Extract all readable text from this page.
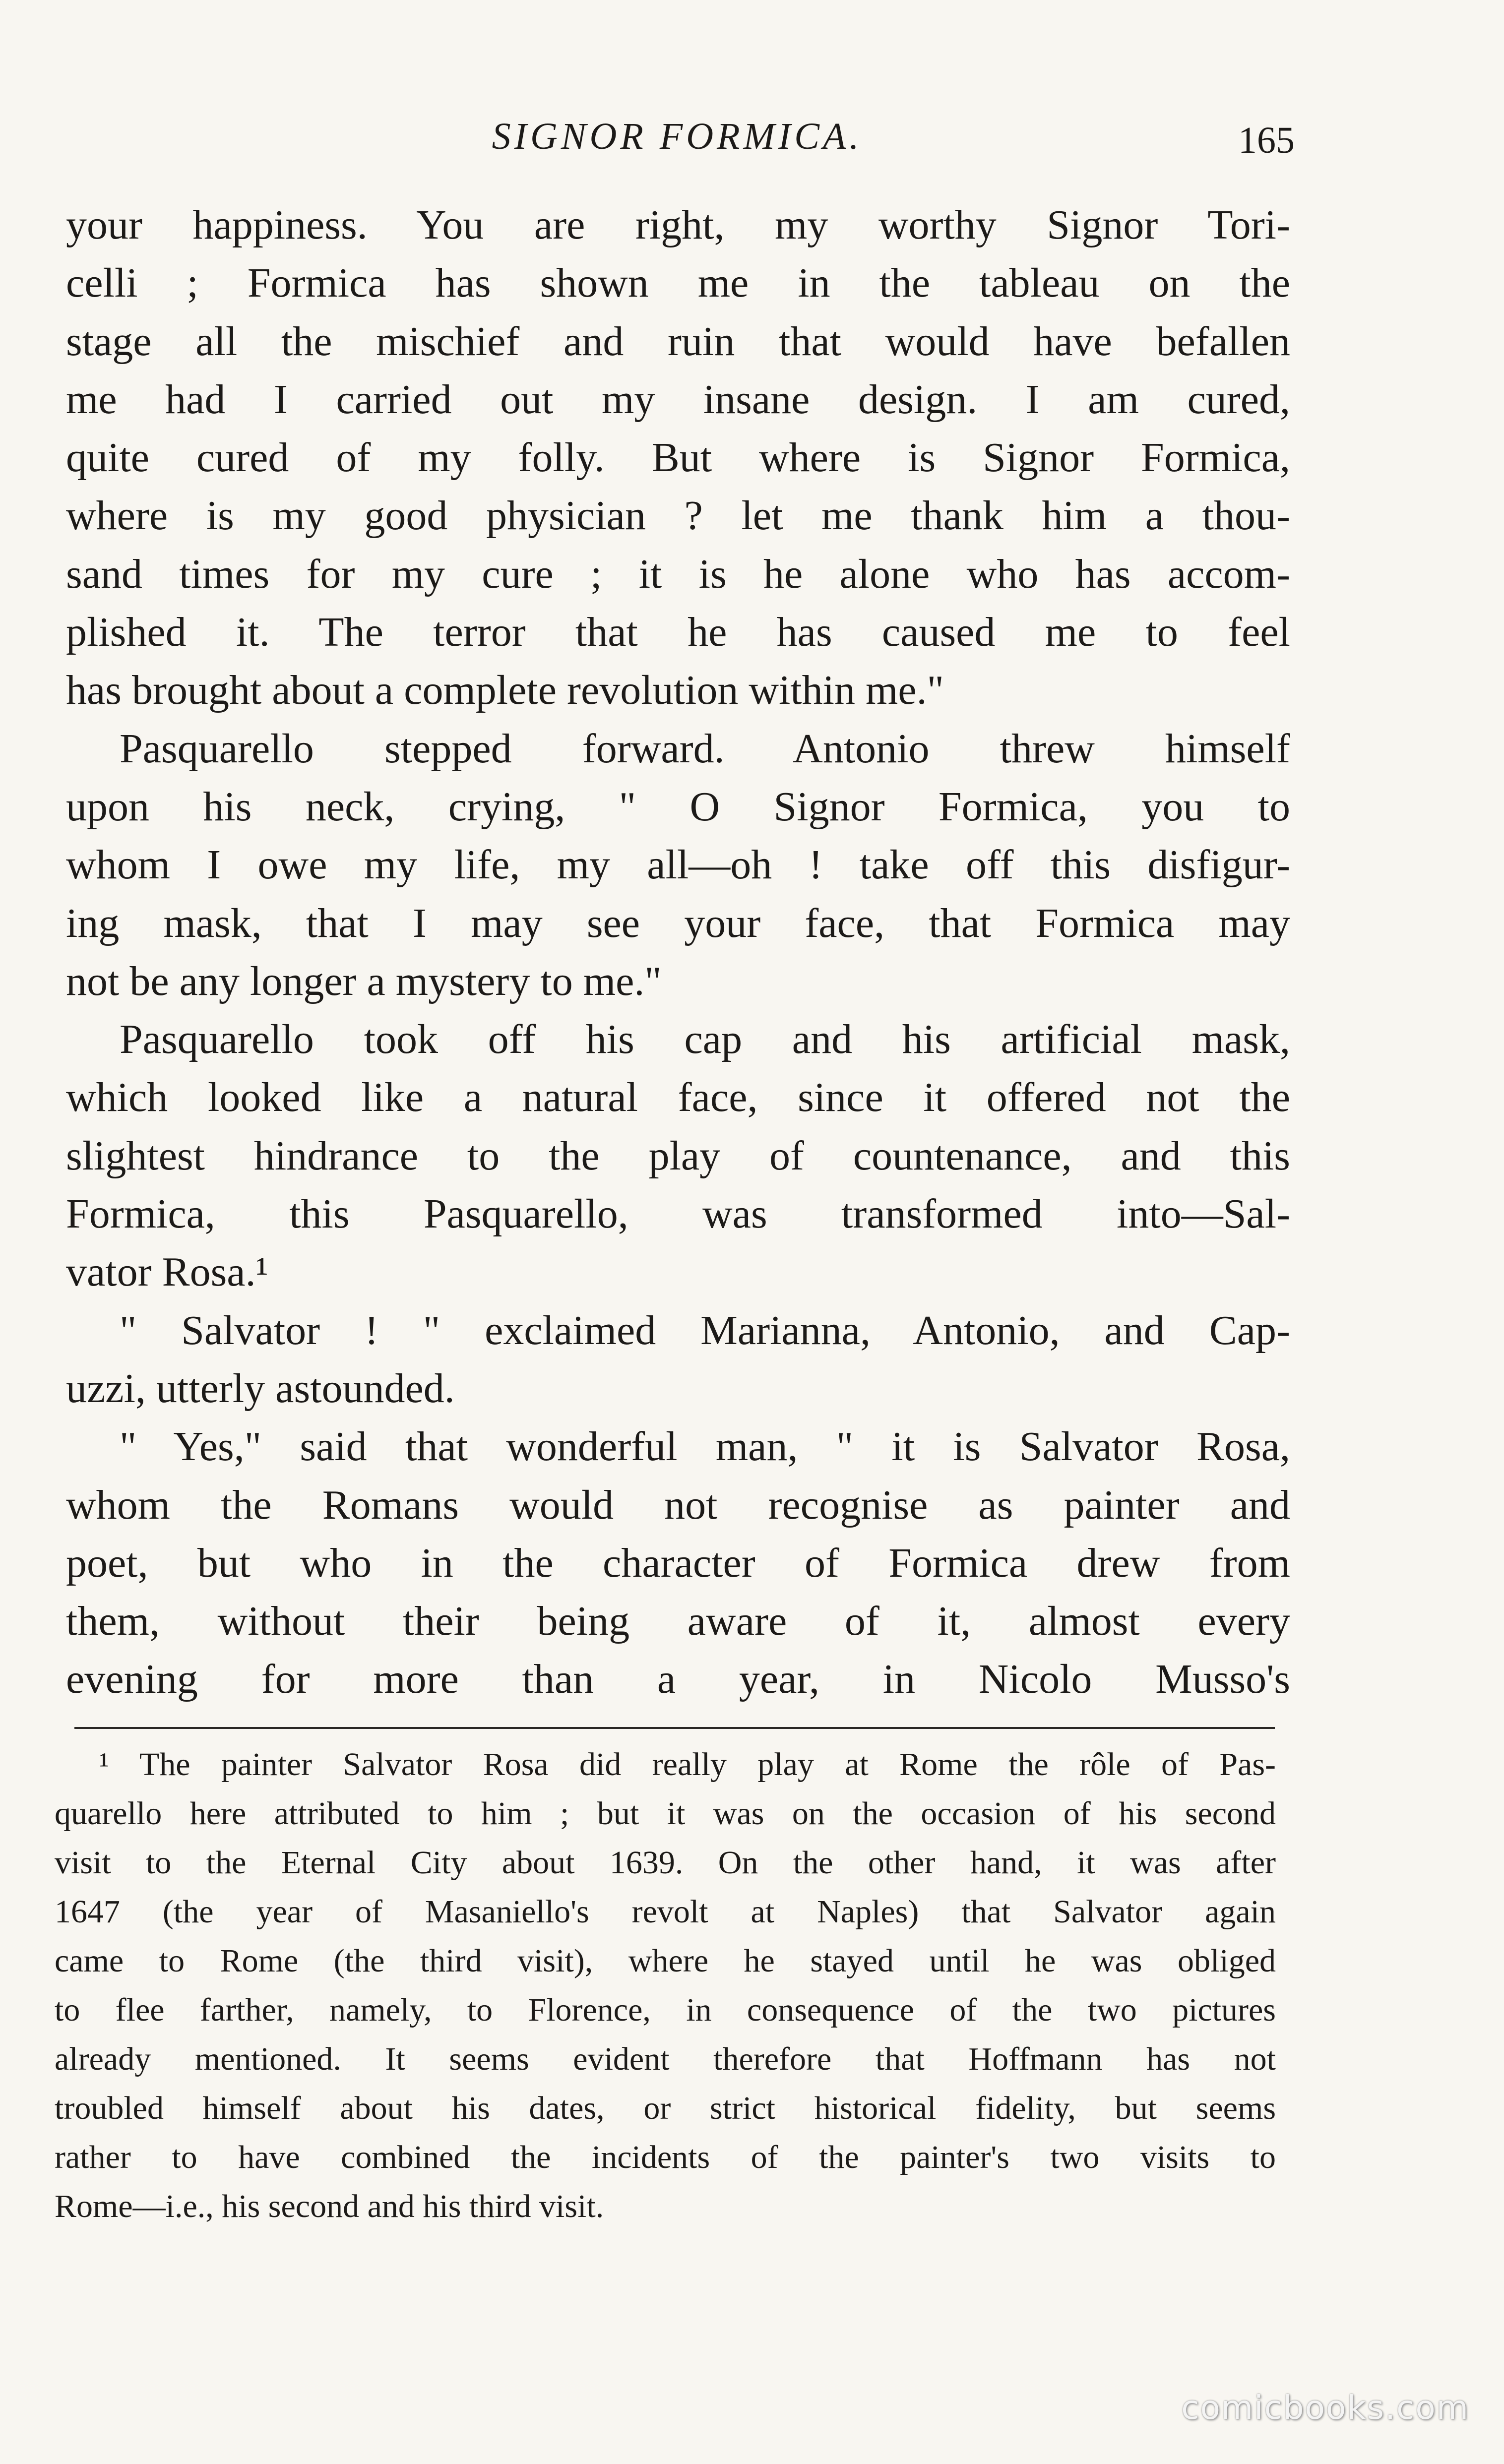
SIGNOR FORMICA.	165
your happiness. You are right, my worthy Signor Tori-
celli ; Formica has shown me in the tableau on the
stage all the mischief and ruin that would have befallen
me had I carried out my insane design. I am cured,
quite cured of my folly. But where is Signor Formica,
where is my good physician ? let me thank him a thou-
sand times for my cure ; it is he alone who has accom-
plished it. The terror that he has caused me to feel
has brought about a complete revolution within me."
Pasquarello stepped forward. Antonio threw himself
upon his neck, crying, " O Signor Formica, you to
whom I owe my life, my all—oh ! take off this disfigur-
ing mask, that I may see your face, that Formica may
not be any longer a mystery to me."
Pasquarello took off his cap and his artificial mask,
which looked like a natural face, since it offered not the
slightest hindrance to the play of countenance, and this
Formica, this Pasquarello, was transformed into—Sal-
vator Rosa.¹
" Salvator ! " exclaimed Marianna, Antonio, and Cap-
uzzi, utterly astounded.
" Yes," said that wonderful man, " it is Salvator Rosa,
whom the Romans would not recognise as painter and
poet, but who in the character of Formica drew from
them, without their being aware of it, almost every
evening for more than a year, in Nicolo Musso's
¹ The painter Salvator Rosa did really play at Rome the rôle of Pas-
quarello here attributed to him ; but it was on the occasion of his second
visit to the Eternal City about 1639. On the other hand, it was after
1647 (the year of Masaniello's revolt at Naples) that Salvator again
came to Rome (the third visit), where he stayed until he was obliged
to flee farther, namely, to Florence, in consequence of the two pictures
already mentioned. It seems evident therefore that Hoffmann has not
troubled himself about his dates, or strict historical fidelity, but seems
rather to have combined the incidents of the painter's two visits to
Rome—i.e., his second and his third visit.
comicbooks.com
